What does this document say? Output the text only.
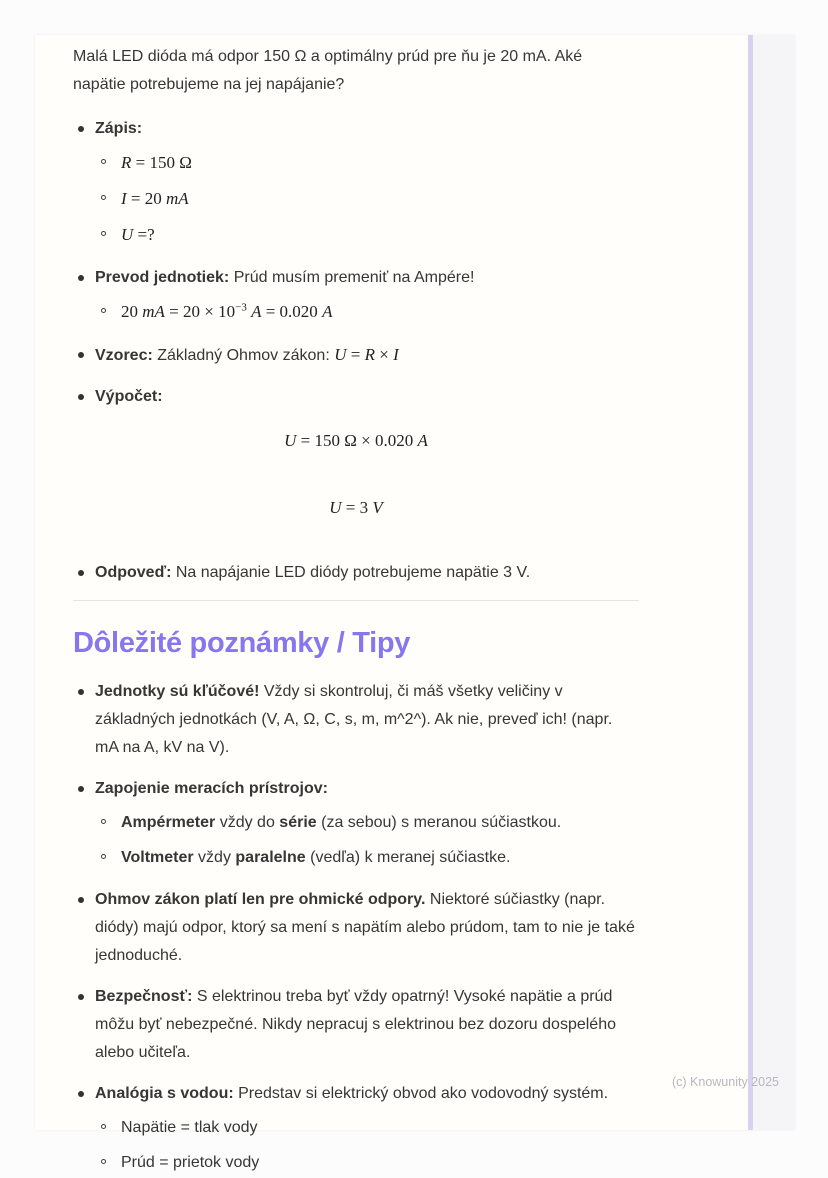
Malá LED dióda má odpor 150 Ω a optimálny prúd pre ňu je 20 mA. Aké napätie potrebujeme na jej napájanie?

Zápis:
R = 150 Ω
I = 20 mA
U =?
Prevod jednotiek: Prúd musím premeniť na Ampére!
20 mA = $20 \times 10^{-3}$ A = 0.020 A
Vzorec: Základný Ohmov zákon: U = R × I
Výpočet:
U = 150 Ω × 0.020 A
U = 3 V
Odpoveď: Na napájanie LED diódy potrebujeme napätie 3 V.
Dôležité poznámky / Tipy
Jednotky sú kľúčové! Vždy si skontroluj, či máš všetky veličiny v základných jednotkách (V, A, Ω, C, s, m, m^2^). Ak nie, preveď ich! (napr. mA na A, kV na V).
Zapojenie meracích prístrojov:
Ampérmeter vždy do série (za sebou) s meranou súčiastkou.
Voltmeter vždy paralelne (vedľa) k meranej súčiastke.
Ohmov zákon platí len pre ohmické odpory. Niektoré súčiastky (napr. diódy) majú odpor, ktorý sa mení s napätím alebo prúdom, tam to nie je také jednoduché.
Bezpečnosť: S elektrinou treba byť vždy opatrný! Vysoké napätie a prúd môžu byť nebezpečné. Nikdy nepracuj s elektrinou bez dozoru dospelého alebo učiteľa.
Analógia s vodou: Predstav si elektrický obvod ako vodovodný systém.
Napätie = tlak vody
Prúd = prietok vody
(c) Knowunity 2025
